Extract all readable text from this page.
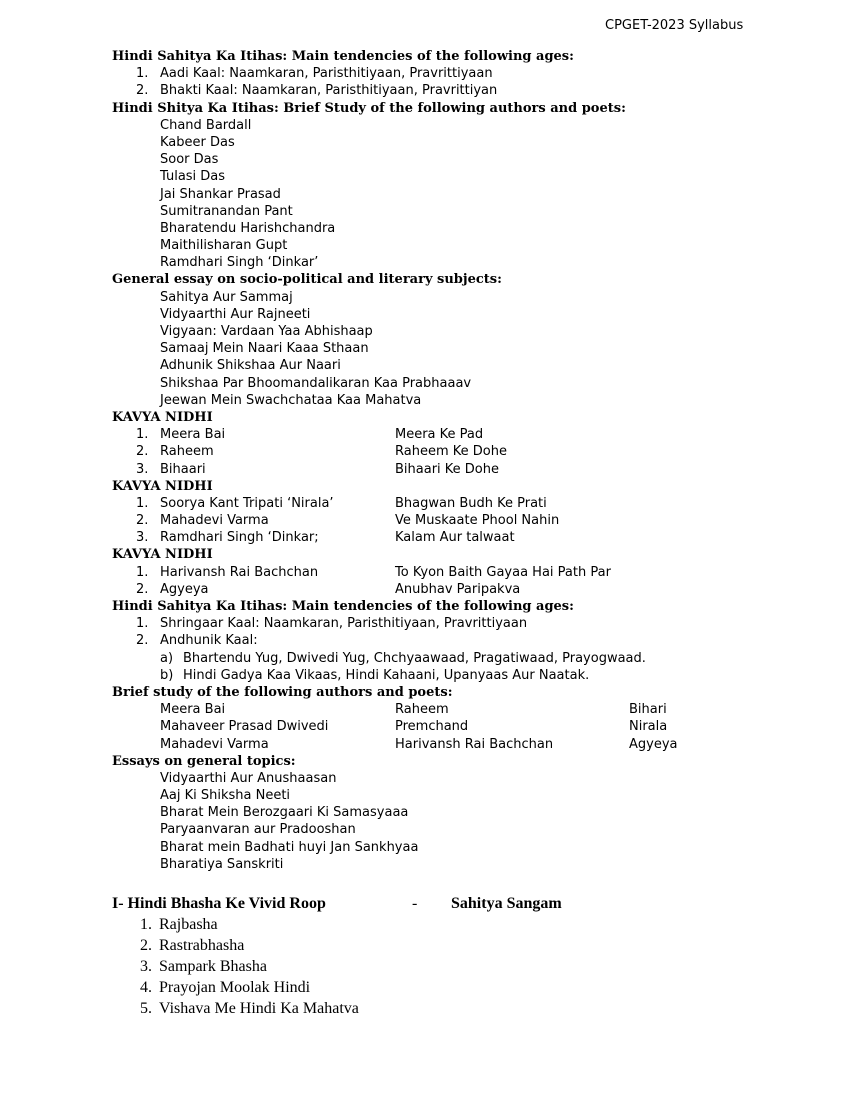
CPGET-2023 Syllabus
Hindi Sahitya Ka Itihas: Main tendencies of the following ages:
1. Aadi Kaal: Naamkaran, Paristhitiyaan, Pravrittiyaan
2. Bhakti Kaal: Naamkaran, Paristhitiyaan, Pravrittiyan
Hindi Shitya Ka Itihas: Brief Study of the following authors and poets:
Chand Bardall
Kabeer Das
Soor Das
Tulasi Das
Jai Shankar Prasad
Sumitranandan Pant
Bharatendu Harishchandra
Maithilisharan Gupt
Ramdhari Singh ‘Dinkar’
General essay on socio-political and literary subjects:
Sahitya Aur Sammaj
Vidyaarthi Aur Rajneeti
Vigyaan: Vardaan Yaa Abhishaap
Samaaj Mein Naari Kaaa Sthaan
Adhunik Shikshaa Aur Naari
Shikshaa Par Bhoomandalikaran Kaa Prabhaaav
Jeewan Mein Swachchataa Kaa Mahatva
KAVYA NIDHI
1. Meera Bai	Meera Ke Pad
2. Raheem	Raheem Ke Dohe
3. Bihaari	Bihaari Ke Dohe
KAVYA NIDHI
1. Soorya Kant Tripati ‘Nirala’	Bhagwan Budh Ke Prati
2. Mahadevi Varma	Ve Muskaate Phool Nahin
3. Ramdhari Singh ‘Dinkar;	Kalam Aur talwaat
KAVYA NIDHI
1. Harivansh Rai Bachchan	To Kyon Baith Gayaa Hai Path Par
2. Agyeya	Anubhav Paripakva
Hindi Sahitya Ka Itihas: Main tendencies of the following ages:
1. Shringaar Kaal: Naamkaran, Paristhitiyaan, Pravrittiyaan
2. Andhunik Kaal:
a) Bhartendu Yug, Dwivedi Yug, Chchyaawaad, Pragatiwaad, Prayogwaad.
b) Hindi Gadya Kaa Vikaas, Hindi Kahaani, Upanyaas Aur Naatak.
Brief study of the following authors and poets:
Meera Bai	Raheem	Bihari
Mahaveer Prasad Dwivedi	Premchand	Nirala
Mahadevi Varma	Harivansh Rai Bachchan	Agyeya
Essays on general topics:
Vidyaarthi Aur Anushaasan
Aaj Ki Shiksha Neeti
Bharat Mein Berozgaari Ki Samasyaaa
Paryaanvaran aur Pradooshan
Bharat mein Badhati huyi Jan Sankhyaa
Bharatiya Sanskriti
I- Hindi Bhasha Ke Vivid Roop	- Sahitya Sangam
1. Rajbasha
2. Rastrabhasha
3. Sampark Bhasha
4. Prayojan Moolak Hindi
5. Vishava Me Hindi Ka Mahatva
